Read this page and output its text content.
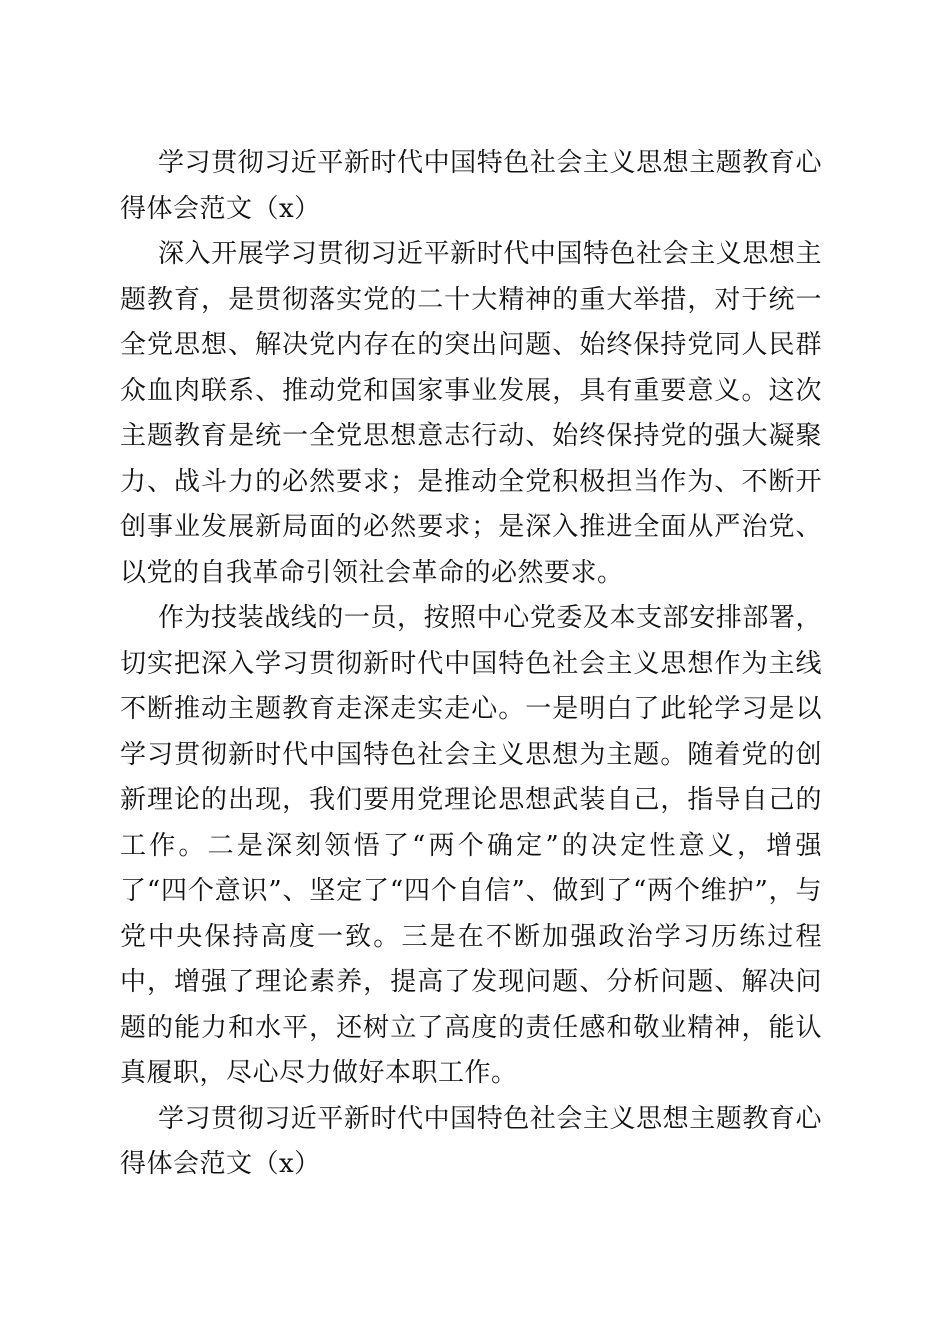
学习贯彻习近平新时代中国特色社会主义思想主题教育心得体会范文（x）

深入开展学习贯彻习近平新时代中国特色社会主义思想主题教育，是贯彻落实党的二十大精神的重大举措，对于统一全党思想、解决党内存在的突出问题、始终保持党同人民群众血肉联系、推动党和国家事业发展，具有重要意义。这次主题教育是统一全党思想意志行动、始终保持党的强大凝聚力、战斗力的必然要求；是推动全党积极担当作为、不断开创事业发展新局面的必然要求；是深入推进全面从严治党、以党的自我革命引领社会革命的必然要求。

作为技装战线的一员，按照中心党委及本支部安排部署，切实把深入学习贯彻新时代中国特色社会主义思想作为主线不断推动主题教育走深走实走心。一是明白了此轮学习是以学习贯彻新时代中国特色社会主义思想为主题。随着党的创新理论的出现，我们要用党理论思想武装自己，指导自己的工作。二是深刻领悟了“两个确定”的决定性意义，增强了“四个意识”、坚定了“四个自信”、做到了“两个维护”，与党中央保持高度一致。三是在不断加强政治学习历练过程中，增强了理论素养，提高了发现问题、分析问题、解决问题的能力和水平，还树立了高度的责任感和敬业精神，能认真履职，尽心尽力做好本职工作。

学习贯彻习近平新时代中国特色社会主义思想主题教育心得体会范文（x）
